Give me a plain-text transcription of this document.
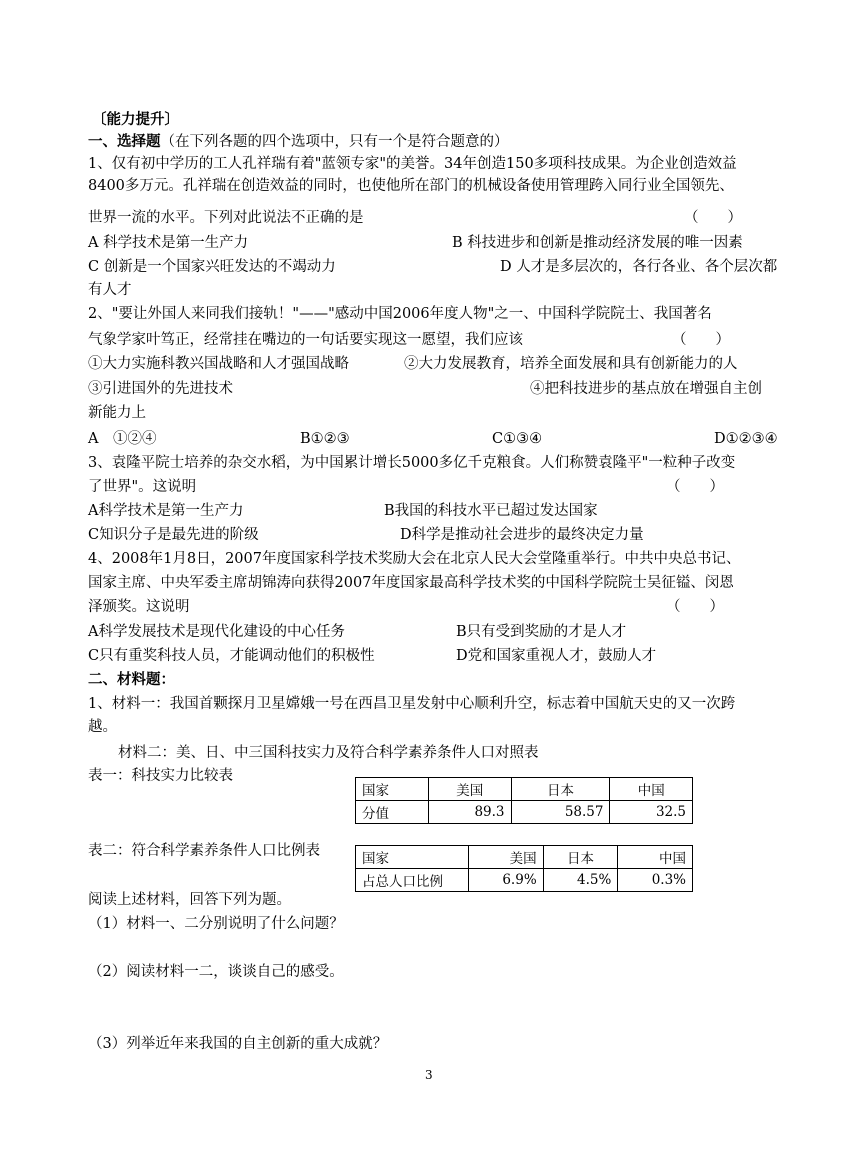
〔能力提升〕
一、选择题（在下列各题的四个选项中，只有一个是符合题意的）
1、仅有初中学历的工人孔祥瑞有着"蓝领专家"的美誉。34年创造150多项科技成果。为企业创造效益
8400多万元。孔祥瑞在创造效益的同时，也使他所在部门的机械设备使用管理跨入同行业全国领先、
世界一流的水平。下列对此说法不正确的是	（　　）
A 科学技术是第一生产力	B 科技进步和创新是推动经济发展的唯一因素
C 创新是一个国家兴旺发达的不竭动力	D 人才是多层次的，各行各业、各个层次都
有人才
2、"要让外国人来同我们接轨！"——"感动中国2006年度人物"之一、中国科学院院士、我国著名
气象学家叶笃正，经常挂在嘴边的一句话要实现这一愿望，我们应该	（　　）
①大力实施科教兴国战略和人才强国战略	②大力发展教育，培养全面发展和具有创新能力的人
③引进国外的先进技术	④把科技进步的基点放在增强自主创
新能力上
A　①②④	B①②③	C①③④	D①②③④
3、袁隆平院士培养的杂交水稻，为中国累计增长5000多亿千克粮食。人们称赞袁隆平"一粒种子改变
了世界"。这说明	（　　）
A科学技术是第一生产力	B我国的科技水平已超过发达国家
C知识分子是最先进的阶级	D科学是推动社会进步的最终决定力量
4、2008年1月8日，2007年度国家科学技术奖励大会在北京人民大会堂隆重举行。中共中央总书记、
国家主席、中央军委主席胡锦涛向获得2007年度国家最高科学技术奖的中国科学院院士吴征镒、闵恩
泽颁奖。这说明	（　　）
A科学发展技术是现代化建设的中心任务	B只有受到奖励的才是人才
C只有重奖科技人员，才能调动他们的积极性	D党和国家重视人才，鼓励人才
二、材料题：
1、材料一：我国首颗探月卫星嫦娥一号在西昌卫星发射中心顺利升空，标志着中国航天史的又一次跨
越。
材料二：美、日、中三国科技实力及符合科学素养条件人口对照表
表一：科技实力比较表
国家	美国	日本	中国
分值	89.3	58.57	32.5
表二：符合科学素养条件人口比例表	国家	美国	日本	中国
占总人口比例	6.9%	4.5%	0.3%
阅读上述材料，回答下列为题。
（1）材料一、二分别说明了什么问题？
（2）阅读材料一二，谈谈自己的感受。
（3）列举近年来我国的自主创新的重大成就？
3
